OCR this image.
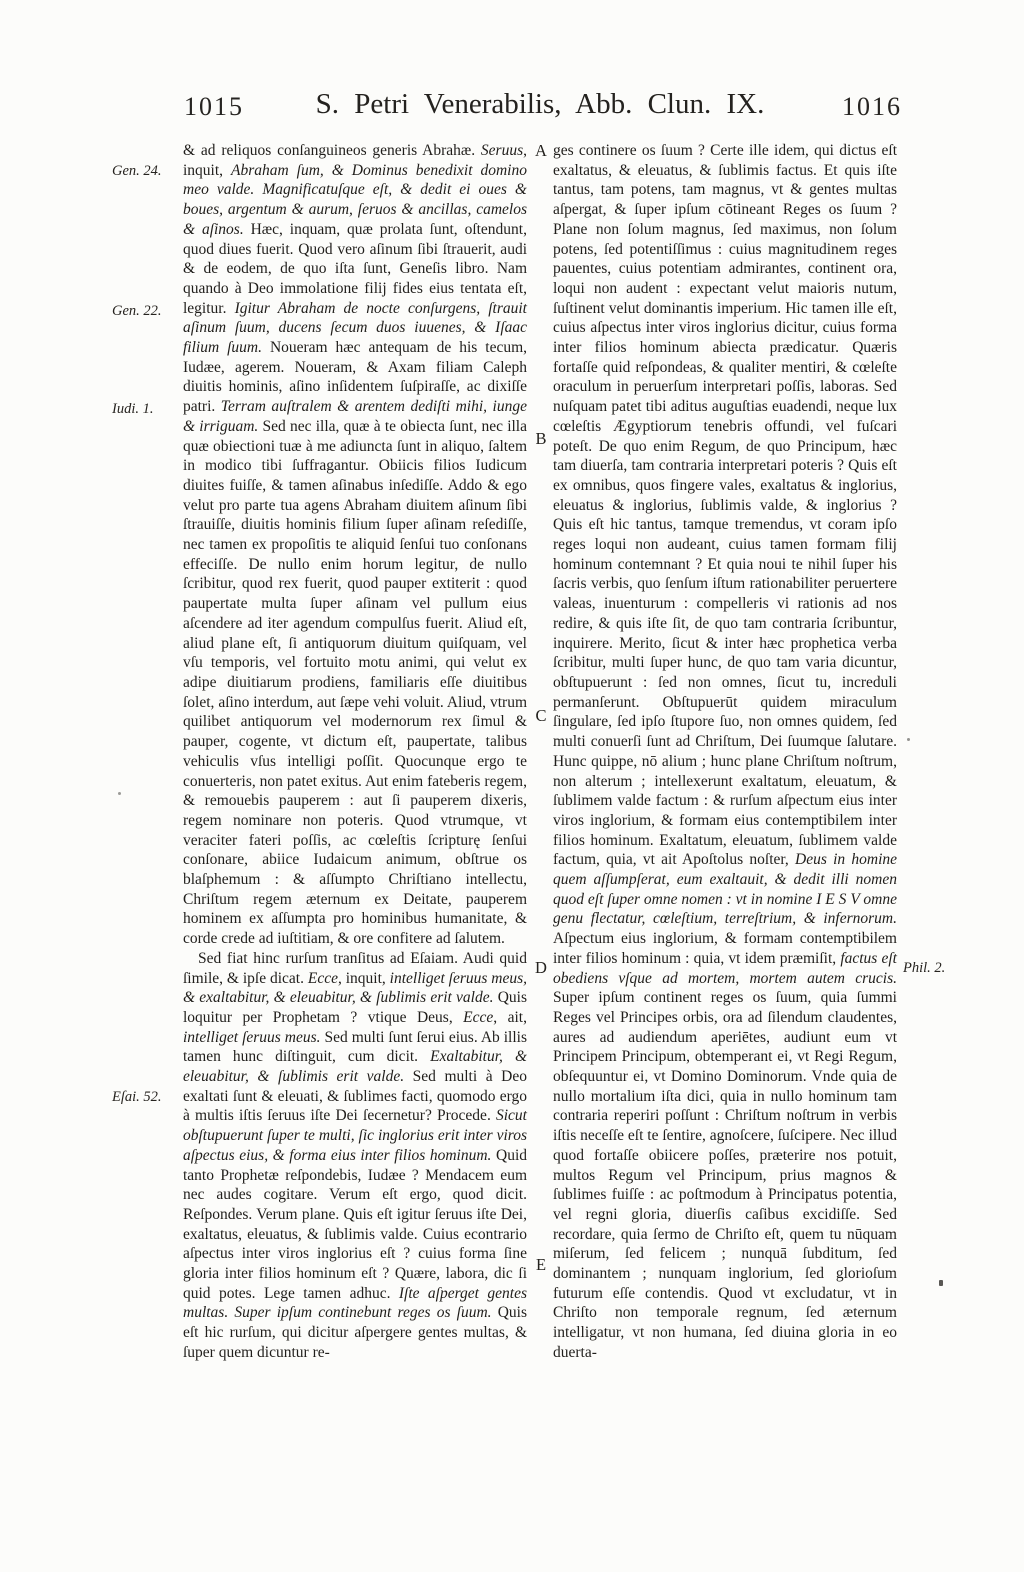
1015	S. Petri Venerabilis, Abb. Clun. IX.	1016

& ad reliquos conſanguineos generis Abrahæ. Seruus, inquit, Abraham ſum, & Dominus benedixit domino meo valde. Magnificatuſque eſt, & dedit ei oues & boues, argentum & aurum, ſeruos & ancillas, camelos & aſinos. Hæc, inquam, quæ prolata ſunt, oſtendunt, quod diues fuerit. Quod vero aſinum ſibi ſtrauerit, audi & de eodem, de quo iſta ſunt, Geneſis libro. Nam quando à Deo immolatione filij fides eius tentata eſt, legitur. Igitur Abraham de nocte conſurgens, ſtrauit aſinum ſuum, ducens ſecum duos iuuenes, & Iſaac filium ſuum. Noueram hæc antequam de his tecum, Iudæe, agerem. Noueram, & Axam filiam Caleph diuitis hominis, aſino inſidentem ſuſpiraſſe, ac dixiſſe patri. Terram auſtralem & arentem dediſti mihi, iunge & irriguam. Sed nec illa, quæ à te obiecta ſunt, nec illa quæ obiectioni tuæ à me adiuncta ſunt in aliquo, ſaltem in modico tibi ſuffragantur. Obiicis filios Iudicum diuites fuiſſe, & tamen aſinabus inſediſſe. Addo & ego velut pro parte tua agens Abraham diuitem aſinum ſibi ſtrauiſſe, diuitis hominis filium ſuper aſinam reſediſſe, nec tamen ex propoſitis te aliquid ſenſui tuo conſonans effeciſſe. De nullo enim horum legitur, de nullo ſcribitur, quod rex fuerit, quod pauper extiterit : quod paupertate multa ſuper aſinam vel pullum eius aſcendere ad iter agendum compulſus fuerit. Aliud eſt, aliud plane eſt, ſi antiquorum diuitum quiſquam, vel vſu temporis, vel fortuito motu animi, qui velut ex adipe diuitiarum prodiens, familiaris eſſe diuitibus ſolet, aſino interdum, aut ſæpe vehi voluit. Aliud, vtrum quilibet antiquorum vel modernorum rex ſimul & pauper, cogente, vt dictum eſt, paupertate, talibus vehiculis vſus intelligi poſſit. Quocunque ergo te conuerteris, non patet exitus. Aut enim fateberis regem, & remouebis pauperem : aut ſi pauperem dixeris, regem nominare non poteris. Quod vtrumque, vt veraciter fateri poſſis, ac cœleſtis ſcripturę ſenſui conſonare, abiice Iudaicum animum, obſtrue os blaſphemum : & aſſumpto Chriſtiano intellectu, Chriſtum regem æternum ex Deitate, pauperem hominem ex aſſumpta pro hominibus humanitate, & corde crede ad iuſtitiam, & ore confitere ad ſalutem.

Sed fiat hinc rurſum tranſitus ad Eſaiam. Audi quid ſimile, & ipſe dicat. Ecce, inquit, intelliget ſeruus meus, & exaltabitur, & eleuabitur, & ſublimis erit valde. Quis loquitur per Prophetam ? vtique Deus, Ecce, ait, intelliget ſeruus meus. Sed multi ſunt ſerui eius. Ab illis tamen hunc diſtinguit, cum dicit. Exaltabitur, & eleuabitur, & ſublimis erit valde. Sed multi à Deo exaltati ſunt & eleuati, & ſublimes facti, quomodo ergo à multis iſtis ſeruus iſte Dei ſecernetur? Procede. Sicut obſtupuerunt ſuper te multi, ſic inglorius erit inter viros aſpectus eius, & forma eius inter filios hominum. Quid tanto Prophetæ reſpondebis, Iudæe ? Mendacem eum nec audes cogitare. Verum eſt ergo, quod dicit. Reſpondes. Verum plane. Quis eſt igitur ſeruus iſte Dei, exaltatus, eleuatus, & ſublimis valde. Cuius econtrario aſpectus inter viros inglorius eſt ? cuius forma ſine gloria inter filios hominum eſt ? Quære, labora, dic ſi quid potes. Lege tamen adhuc. Iſte aſperget gentes multas. Super ipſum continebunt reges os ſuum. Quis eſt hic rurſum, qui dicitur aſpergere gentes multas, & ſuper quem dicuntur re-

ges continere os ſuum ? Certe ille idem, qui dictus eſt exaltatus, & eleuatus, & ſublimis factus. Et quis iſte tantus, tam potens, tam magnus, vt & gentes multas aſpergat, & ſuper ipſum cōtineant Reges os ſuum ? Plane non ſolum magnus, ſed maximus, non ſolum potens, ſed potentiſſimus : cuius magnitudinem reges pauentes, cuius potentiam admirantes, continent ora, loqui non audent : expectant velut maioris nutum, ſuſtinent velut dominantis imperium. Hic tamen ille eſt, cuius aſpectus inter viros inglorius dicitur, cuius forma inter filios hominum abiecta prædicatur. Quæris fortaſſe quid reſpondeas, & qualiter mentiri, & cœleſte oraculum in peruerſum interpretari poſſis, laboras. Sed nuſquam patet tibi aditus auguſtias euadendi, neque lux cœleſtis Ægyptiorum tenebris offundi, vel fuſcari poteſt. De quo enim Regum, de quo Principum, hæc tam diuerſa, tam contraria interpretari poteris ? Quis eſt ex omnibus, quos fingere vales, exaltatus & inglorius, eleuatus & inglorius, ſublimis valde, & inglorius ? Quis eſt hic tantus, tamque tremendus, vt coram ipſo reges loqui non audeant, cuius tamen formam filij hominum contemnant ? Et quia noui te nihil ſuper his ſacris verbis, quo ſenſum iſtum rationabiliter peruertere valeas, inuenturum : compelleris vi rationis ad nos redire, & quis iſte ſit, de quo tam contraria ſcribuntur, inquirere. Merito, ſicut & inter hæc prophetica verba ſcribitur, multi ſuper hunc, de quo tam varia dicuntur, obſtupuerunt : ſed non omnes, ſicut tu, increduli permanſerunt. Obſtupuerūt quidem miraculum ſingulare, ſed ipſo ſtupore ſuo, non omnes quidem, ſed multi conuerſi ſunt ad Chriſtum, Dei ſuumque ſalutare. Hunc quippe, nō alium ; hunc plane Chriſtum noſtrum, non alterum ; intellexerunt exaltatum, eleuatum, & ſublimem valde factum : & rurſum aſpectum eius inter viros inglorium, & formam eius contemptibilem inter filios hominum. Exaltatum, eleuatum, ſublimem valde factum, quia, vt ait Apoſtolus noſter, Deus in homine quem aſſumpſerat, eum exaltauit, & dedit illi nomen quod eſt ſuper omne nomen : vt in nomine I E S V omne genu flectatur, cœleſtium, terreſtrium, & infernorum. Aſpectum eius inglorium, & formam contemptibilem inter filios hominum : quia, vt idem præmiſit, factus eſt obediens vſque ad mortem, mortem autem crucis. Super ipſum continent reges os ſuum, quia ſummi Reges vel Principes orbis, ora ad ſilendum claudentes, aures ad audiendum aperiētes, audiunt eum vt Principem Principum, obtemperant ei, vt Regi Regum, obſequuntur ei, vt Domino Dominorum. Vnde quia de nullo mortalium iſta dici, quia in nullo hominum tam contraria reperiri poſſunt : Chriſtum noſtrum in verbis iſtis neceſſe eſt te ſentire, agnoſcere, ſuſcipere. Nec illud quod fortaſſe obiicere poſſes, præterire nos potuit, multos Regum vel Principum, prius magnos & ſublimes fuiſſe : ac poſtmodum à Principatus potentia, vel regni gloria, diuerſis caſibus excidiſſe. Sed recordare, quia ſermo de Chriſto eſt, quem tu nūquam miſerum, ſed felicem ; nunquā ſubditum, ſed dominantem ; nunquam inglorium, ſed glorioſum futurum eſſe contendis. Quod vt excludatur, vt in Chriſto non temporale regnum, ſed æternum intelligatur, vt non humana, ſed diuina gloria in eo duerta-

Gen. 24.
Gen. 22.
Iudi. 1.
Eſai. 52.
Phil. 2.
A
B
C
D
E
